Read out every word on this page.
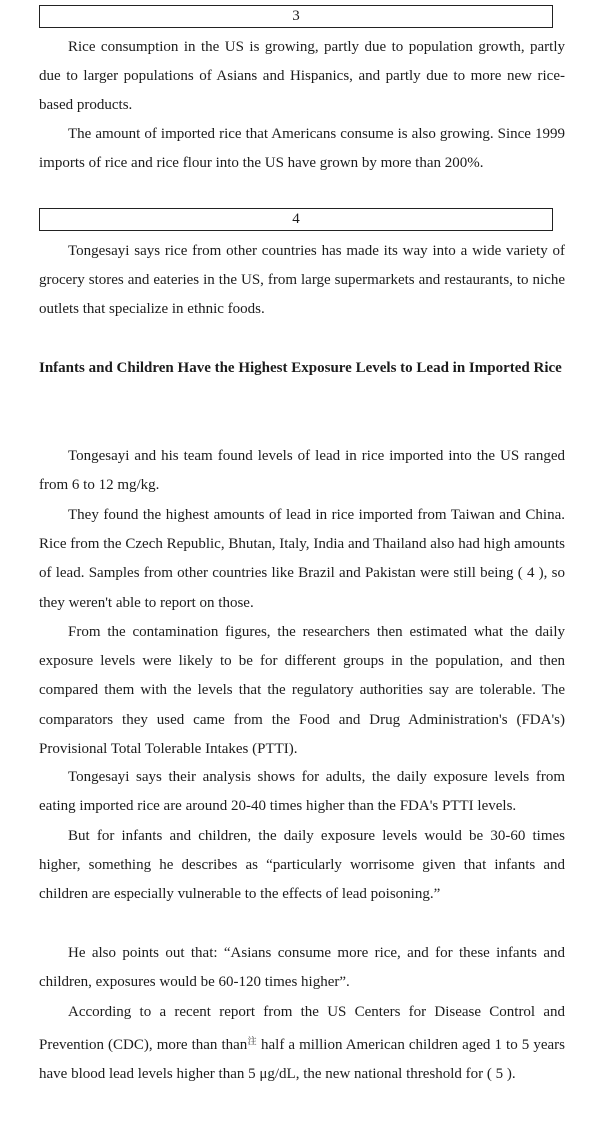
3

Rice consumption in the US is growing, partly due to population growth, partly due to larger populations of Asians and Hispanics, and partly due to more new rice-based products.

The amount of imported rice that Americans consume is also growing. Since 1999 imports of rice and rice flour into the US have grown by more than 200%.

4

Tongesayi says rice from other countries has made its way into a wide variety of grocery stores and eateries in the US, from large supermarkets and restaurants, to niche outlets that specialize in ethnic foods.

Infants and Children Have the Highest Exposure Levels to Lead in Imported Rice

Tongesayi and his team found levels of lead in rice imported into the US ranged from 6 to 12 mg/kg.

They found the highest amounts of lead in rice imported from Taiwan and China. Rice from the Czech Republic, Bhutan, Italy, India and Thailand also had high amounts of lead. Samples from other countries like Brazil and Pakistan were still being ( 4 ), so they weren't able to report on those.

From the contamination figures, the researchers then estimated what the daily exposure levels were likely to be for different groups in the population, and then compared them with the levels that the regulatory authorities say are tolerable. The comparators they used came from the Food and Drug Administration's (FDA's) Provisional Total Tolerable Intakes (PTTI).

Tongesayi says their analysis shows for adults, the daily exposure levels from eating imported rice are around 20-40 times higher than the FDA's PTTI levels.

But for infants and children, the daily exposure levels would be 30-60 times higher, something he describes as “particularly worrisome given that infants and children are especially vulnerable to the effects of lead poisoning.”

He also points out that: “Asians consume more rice, and for these infants and children, exposures would be 60-120 times higher”.

According to a recent report from the US Centers for Disease Control and Prevention (CDC), more than than$^注$ half a million American children aged 1 to 5 years have blood lead levels higher than 5 μg/dL, the new national threshold for ( 5 ).
